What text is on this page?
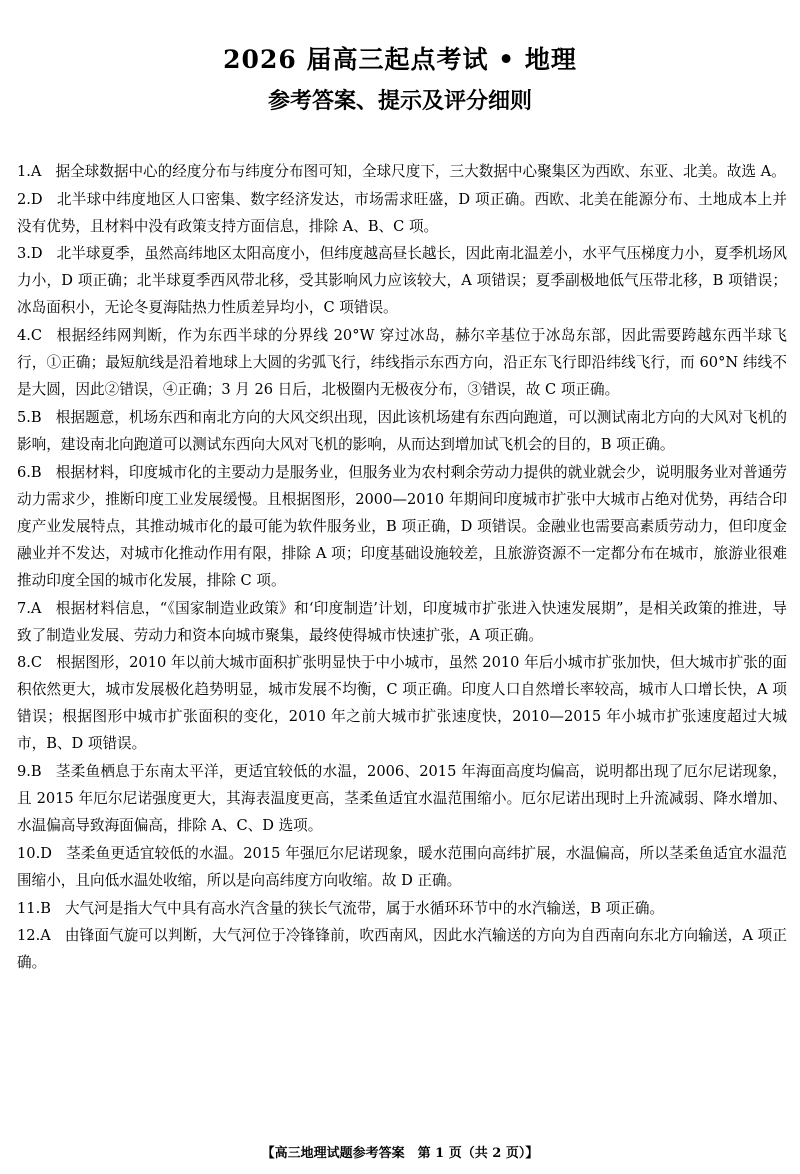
2026 届高三起点考试 • 地理
参考答案、提示及评分细则

1.A 据全球数据中心的经度分布与纬度分布图可知，全球尺度下，三大数据中心聚集区为西欧、东亚、北美。故选 A。

2.D 北半球中纬度地区人口密集、数字经济发达，市场需求旺盛，D 项正确。西欧、北美在能源分布、土地成本上并没有优势，且材料中没有政策支持方面信息，排除 A、B、C 项。

3.D 北半球夏季，虽然高纬地区太阳高度小，但纬度越高昼长越长，因此南北温差小，水平气压梯度力小，夏季机场风力小，D 项正确；北半球夏季西风带北移，受其影响风力应该较大，A 项错误；夏季副极地低气压带北移，B 项错误；冰岛面积小，无论冬夏海陆热力性质差异均小，C 项错误。

4.C 根据经纬网判断，作为东西半球的分界线 20°W 穿过冰岛，赫尔辛基位于冰岛东部，因此需要跨越东西半球飞行，①正确；最短航线是沿着地球上大圆的劣弧飞行，纬线指示东西方向，沿正东飞行即沿纬线飞行，而 60°N 纬线不是大圆，因此②错误，④正确；3 月 26 日后，北极圈内无极夜分布，③错误，故 C 项正确。

5.B 根据题意，机场东西和南北方向的大风交织出现，因此该机场建有东西向跑道，可以测试南北方向的大风对飞机的影响，建设南北向跑道可以测试东西向大风对飞机的影响，从而达到增加试飞机会的目的，B 项正确。

6.B 根据材料，印度城市化的主要动力是服务业，但服务业为农村剩余劳动力提供的就业就会少，说明服务业对普通劳动力需求少，推断印度工业发展缓慢。且根据图形，2000—2010 年期间印度城市扩张中大城市占绝对优势，再结合印度产业发展特点，其推动城市化的最可能为软件服务业，B 项正确，D 项错误。金融业也需要高素质劳动力，但印度金融业并不发达，对城市化推动作用有限，排除 A 项；印度基础设施较差，且旅游资源不一定都分布在城市，旅游业很难推动印度全国的城市化发展，排除 C 项。

7.A 根据材料信息，“《国家制造业政策》和‘印度制造’计划，印度城市扩张进入快速发展期”，是相关政策的推进，导致了制造业发展、劳动力和资本向城市聚集，最终使得城市快速扩张，A 项正确。

8.C 根据图形，2010 年以前大城市面积扩张明显快于中小城市，虽然 2010 年后小城市扩张加快，但大城市扩张的面积依然更大，城市发展极化趋势明显，城市发展不均衡，C 项正确。印度人口自然增长率较高，城市人口增长快，A 项错误；根据图形中城市扩张面积的变化，2010 年之前大城市扩张速度快，2010—2015 年小城市扩张速度超过大城市，B、D 项错误。

9.B 茎柔鱼栖息于东南太平洋，更适宜较低的水温，2006、2015 年海面高度均偏高，说明都出现了厄尔尼诺现象，且 2015 年厄尔尼诺强度更大，其海表温度更高，茎柔鱼适宜水温范围缩小。厄尔尼诺出现时上升流减弱、降水增加、水温偏高导致海面偏高，排除 A、C、D 选项。

10.D 茎柔鱼更适宜较低的水温。2015 年强厄尔尼诺现象，暖水范围向高纬扩展，水温偏高，所以茎柔鱼适宜水温范围缩小，且向低水温处收缩，所以是向高纬度方向收缩。故 D 正确。

11.B 大气河是指大气中具有高水汽含量的狭长气流带，属于水循环环节中的水汽输送，B 项正确。

12.A 由锋面气旋可以判断，大气河位于冷锋锋前，吹西南风，因此水汽输送的方向为自西南向东北方向输送，A 项正确。

【高三地理试题参考答案　第 1 页（共 2 页）】
